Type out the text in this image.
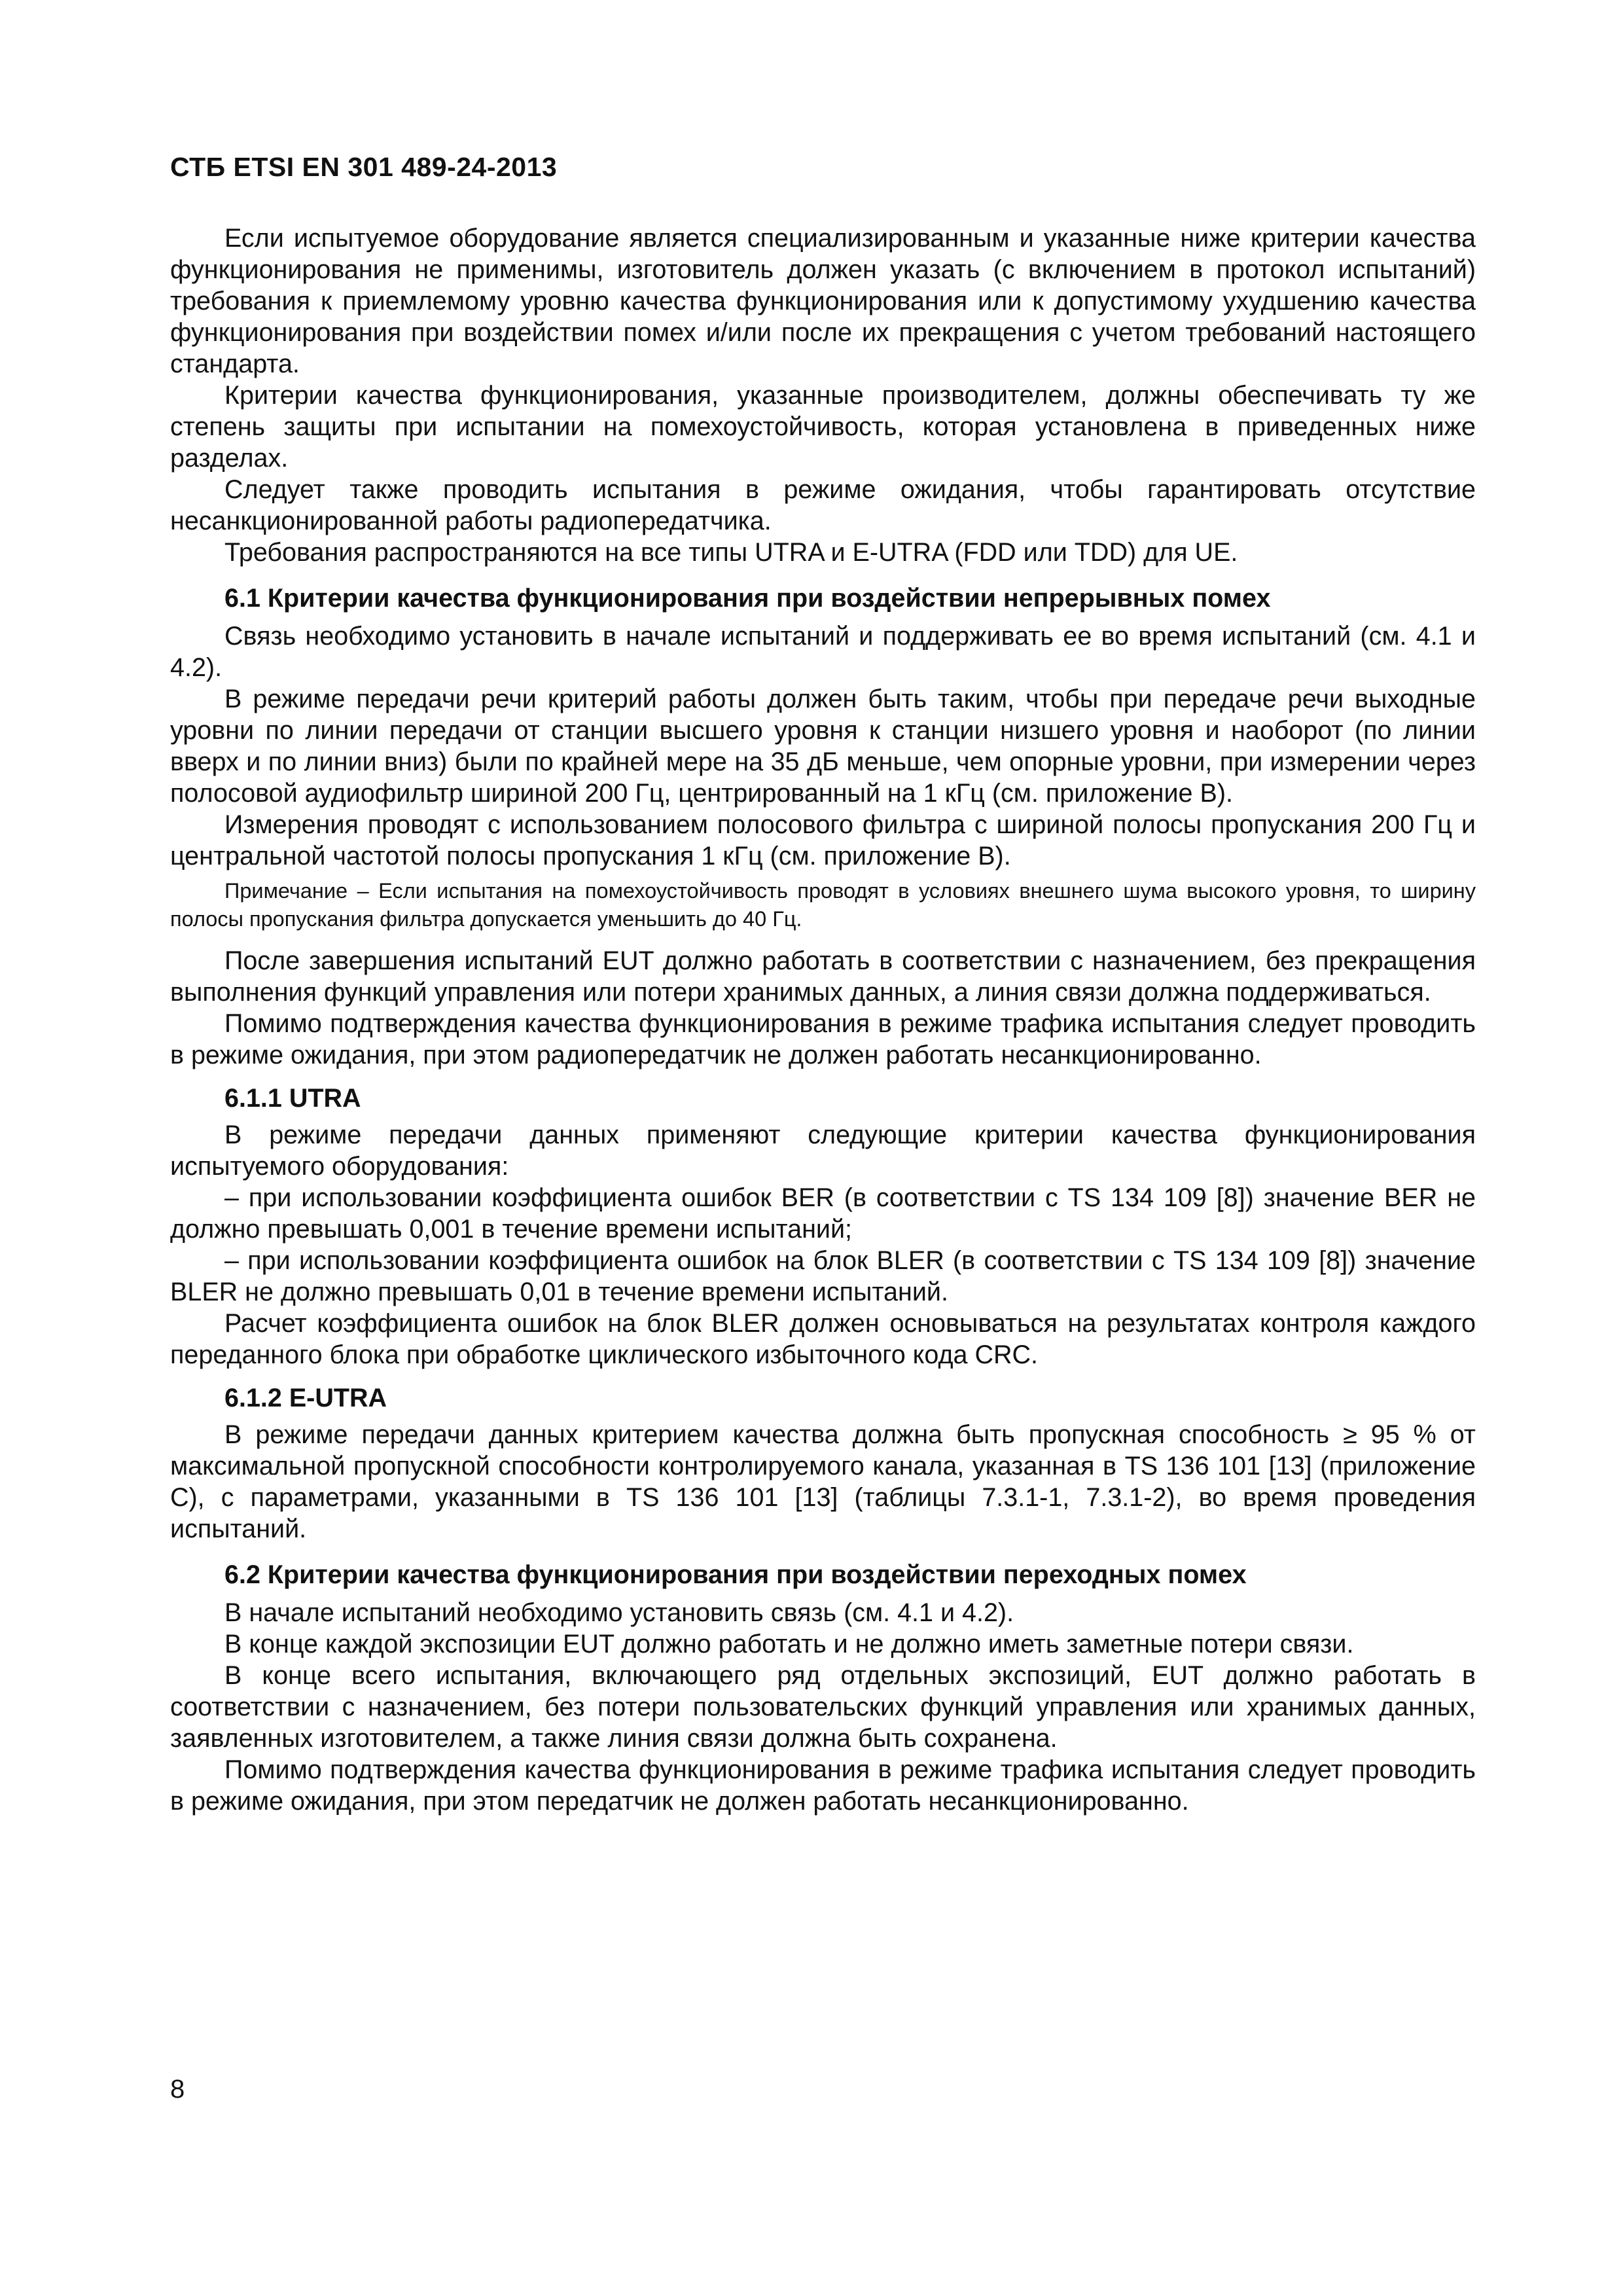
СТБ ETSI EN 301 489-24-2013

Если испытуемое оборудование является специализированным и указанные ниже критерии качества функционирования не применимы, изготовитель должен указать (с включением в протокол испытаний) требования к приемлемому уровню качества функционирования или к допустимому ухудшению качества функционирования при воздействии помех и/или после их прекращения с учетом требований настоящего стандарта.

Критерии качества функционирования, указанные производителем, должны обеспечивать ту же степень защиты при испытании на помехоустойчивость, которая установлена в приведенных ниже разделах.

Следует также проводить испытания в режиме ожидания, чтобы гарантировать отсутствие несанкционированной работы радиопередатчика.

Требования распространяются на все типы UTRA и E-UTRA (FDD или TDD) для UE.

6.1 Критерии качества функционирования при воздействии непрерывных помех

Связь необходимо установить в начале испытаний и поддерживать ее во время испытаний (см. 4.1 и 4.2).

В режиме передачи речи критерий работы должен быть таким, чтобы при передаче речи выходные уровни по линии передачи от станции высшего уровня к станции низшего уровня и наоборот (по линии вверх и по линии вниз) были по крайней мере на 35 дБ меньше, чем опорные уровни, при измерении через полосовой аудиофильтр шириной 200 Гц, центрированный на 1 кГц (см. приложение В).

Измерения проводят с использованием полосового фильтра с шириной полосы пропускания 200 Гц и центральной частотой полосы пропускания 1 кГц (см. приложение В).

Примечание – Если испытания на помехоустойчивость проводят в условиях внешнего шума высокого уровня, то ширину полосы пропускания фильтра допускается уменьшить до 40 Гц.

После завершения испытаний EUT должно работать в соответствии с назначением, без прекращения выполнения функций управления или потери хранимых данных, а линия связи должна поддерживаться.

Помимо подтверждения качества функционирования в режиме трафика испытания следует проводить в режиме ожидания, при этом радиопередатчик не должен работать несанкционированно.

6.1.1 UTRA

В режиме передачи данных применяют следующие критерии качества функционирования испытуемого оборудования:

– при использовании коэффициента ошибок BER (в соответствии с TS 134 109 [8]) значение BER не должно превышать 0,001 в течение времени испытаний;

– при использовании коэффициента ошибок на блок BLER (в соответствии с TS 134 109 [8]) значение BLER не должно превышать 0,01 в течение времени испытаний.

Расчет коэффициента ошибок на блок BLER должен основываться на результатах контроля каждого переданного блока при обработке циклического избыточного кода CRC.

6.1.2 E-UTRA

В режиме передачи данных критерием качества должна быть пропускная способность ≥ 95 % от максимальной пропускной способности контролируемого канала, указанная в TS 136 101 [13] (приложение С), с параметрами, указанными в TS 136 101 [13] (таблицы 7.3.1-1, 7.3.1-2), во время проведения испытаний.

6.2 Критерии качества функционирования при воздействии переходных помех

В начале испытаний необходимо установить связь (см. 4.1 и 4.2).

В конце каждой экспозиции EUT должно работать и не должно иметь заметные потери связи.

В конце всего испытания, включающего ряд отдельных экспозиций, EUT должно работать в соответствии с назначением, без потери пользовательских функций управления или хранимых данных, заявленных изготовителем, а также линия связи должна быть сохранена.

Помимо подтверждения качества функционирования в режиме трафика испытания следует проводить в режиме ожидания, при этом передатчик не должен работать несанкционированно.

8
